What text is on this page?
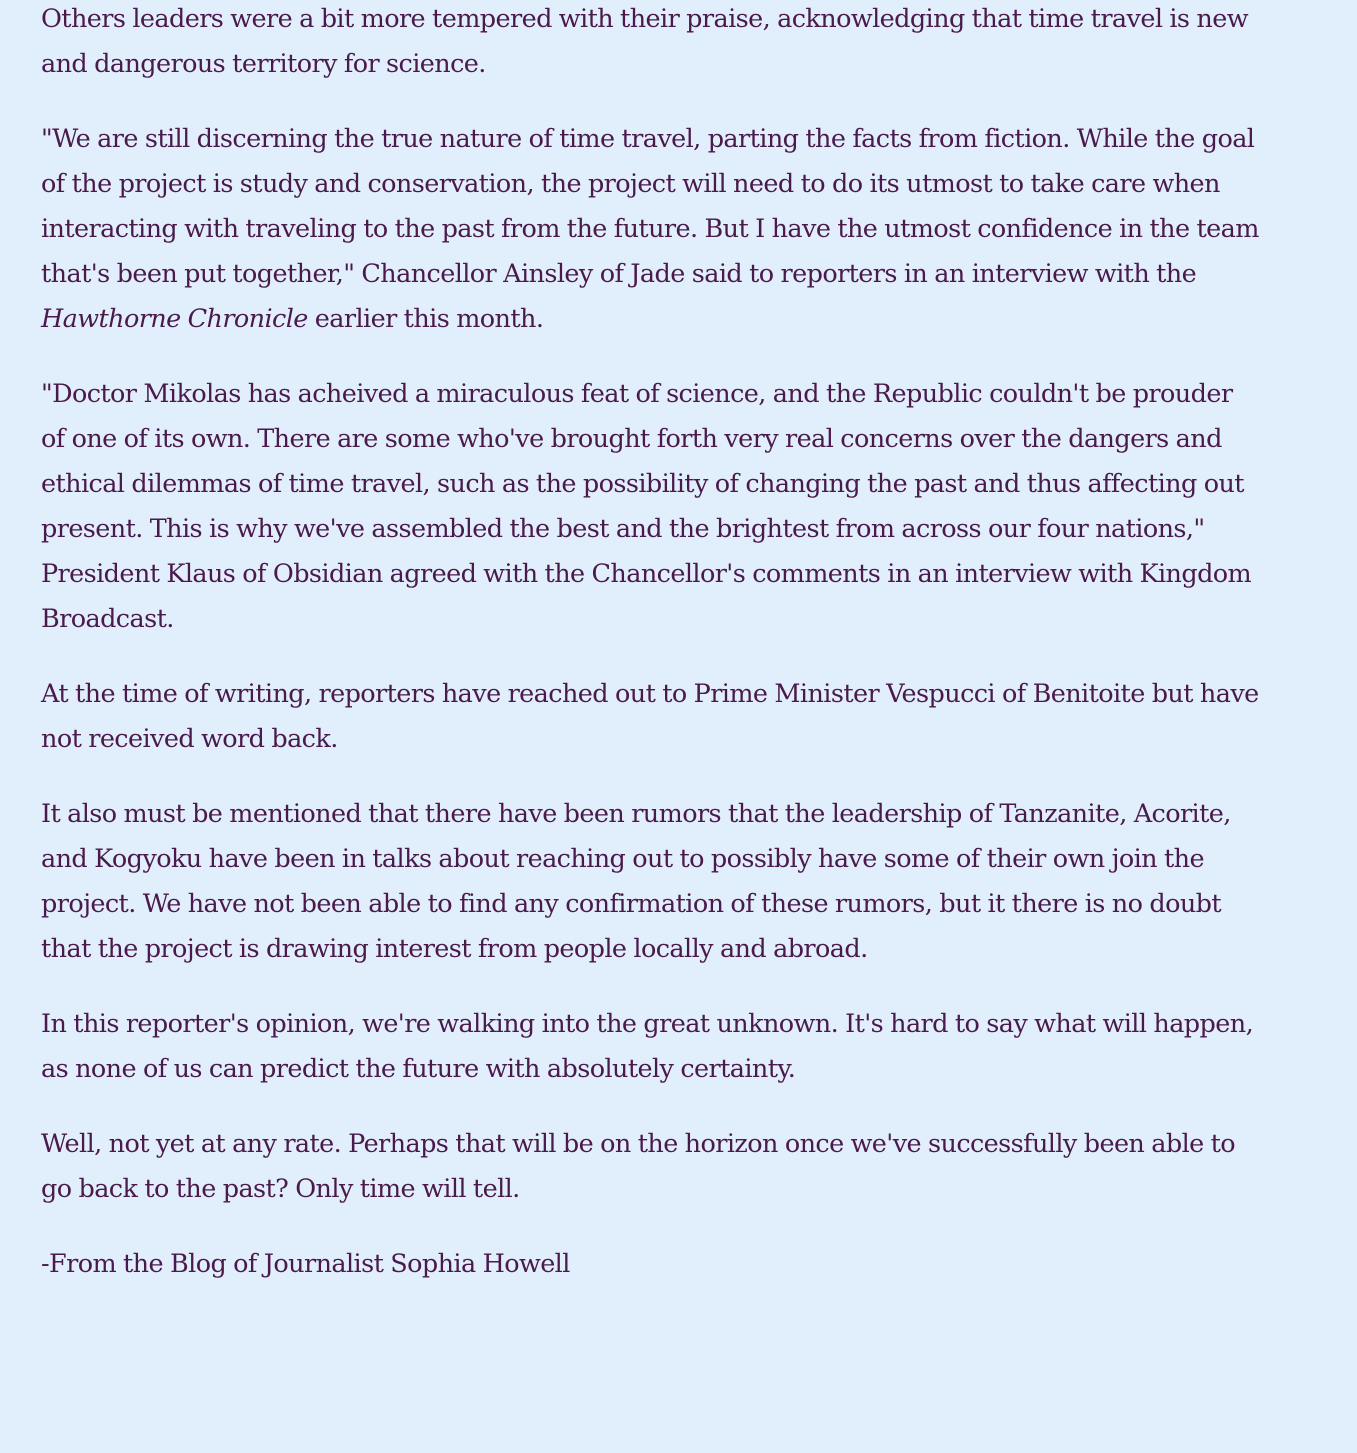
Others leaders were a bit more tempered with their praise, acknowledging that time travel is new and dangerous territory for science.

"We are still discerning the true nature of time travel, parting the facts from fiction. While the goal of the project is study and conservation, the project will need to do its utmost to take care when interacting with traveling to the past from the future. But I have the utmost confidence in the team that's been put together," Chancellor Ainsley of Jade said to reporters in an interview with the Hawthorne Chronicle earlier this month.

"Doctor Mikolas has acheived a miraculous feat of science, and the Republic couldn't be prouder of one of its own. There are some who've brought forth very real concerns over the dangers and ethical dilemmas of time travel, such as the possibility of changing the past and thus affecting out present. This is why we've assembled the best and the brightest from across our four nations," President Klaus of Obsidian agreed with the Chancellor's comments in an interview with Kingdom Broadcast.

At the time of writing, reporters have reached out to Prime Minister Vespucci of Benitoite but have not received word back.

It also must be mentioned that there have been rumors that the leadership of Tanzanite, Acorite, and Kogyoku have been in talks about reaching out to possibly have some of their own join the project. We have not been able to find any confirmation of these rumors, but it there is no doubt that the project is drawing interest from people locally and abroad.

In this reporter's opinion, we're walking into the great unknown. It's hard to say what will happen, as none of us can predict the future with absolutely certainty.

Well, not yet at any rate. Perhaps that will be on the horizon once we've successfully been able to go back to the past? Only time will tell.

-From the Blog of Journalist Sophia Howell
